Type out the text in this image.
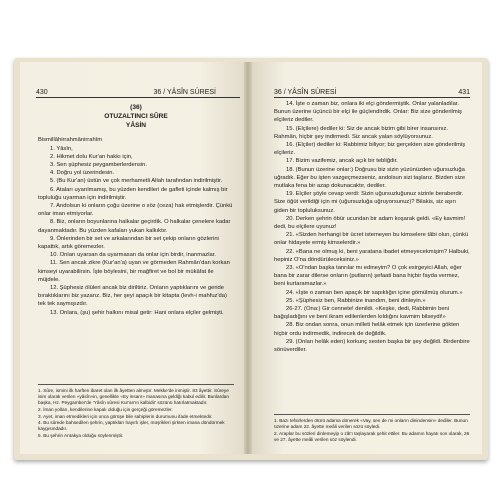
430	36 / YÂSÎN SÛRESİ
(36)
OTUZALTINCI SÛRE
YÂSİN

Bismillâhirrahmânirrahîm

1. Yâsîn,

2. Hikmet dolu Kur'an hakkı için,

3. Sen şüphesiz peygamberlerdensin.

4. Doğru yol üzerindesin.

5. (Bu Kur'an) üstün ve çok merhametli Allah tarafından indirilmiştir.

6. Ataları uyarılmamış, bu yüzden kendileri de gafleti içinde kalmış bir topluluğu uyarman için indirilmiştir.

7. Andolsun ki onların çoğu üzerine o söz (ceza) hak etmişlerdir. Çünkü onlar iman etmiyorlar.

8. Biz, onların boyunlarına halkalar geçirdik. O halkalar çenelere kadar dayanmaktadır. Bu yüzden kafaları yukarı kalkıktır.

9. Önlerinden bir set ve arkalarından bir set çekip onların gözlerini kapattık, artık göremezler.

10. Onları uyarsan da uyarmasan da onlar için birdir, inanmazlar.

11. Sen ancak zikre (Kur'an'a) uyan ve görmeden Rahmân'dan korkan kimseyi uyarabilirsin. İşte böylesini, bir mağfiret ve bol bir mükâfat ile müjdele.

12. Şüphesiz ölüleri ancak biz diriltiriz. Onların yaptıklarını ve geride bıraktıklarını biz yazarız. Biz, her şeyi apaçık bir kitapta (levh-i mahfuz'da) tek tek saymışızdır.

13. Onlara, (şu) şehir halkını misal getir: Hani onlara elçiler gelmişti.

1. Sûre, ismini ilk harften ibaret olan ilk âyetten almıştır. Mekke'de inmiştir. 83 âyettir. Sûreye isim olarak verilen «yâsîn»in, genellikle «Ey insan!» manasına geldiği kabul edilir. Bunlardan başka, Hz. Peygamber'de 'Yâsîn sûresi Kur'an'ın kalbidir' sözünü hatırlatmaktadır.

2. İman yolları, kendilerine kapalı olduğu için gerçeği göremezler.

3. Ayet, iman etmedikleri için onca görüşe bile sahiplerin durumunu ifade etmektedir.

4. Bu sûrede bahsedilen şehrin, yaptıkları hayırlı işler, müşrikleri şirkten imana döndürmek kaygısındadır.

5. Bu şehrin Antakya olduğu söylenmiştir.

36 / YÂSÎN SÛRESİ	431

14. İşte o zaman biz, onlara iki elçi göndermiştik. Onlar yalanladılar. Bunun üzerine üçüncü bir elçi ile güçlendirdik. Onlar: Biz size gönderilmiş elçileriz dediler.

15. (Elçilere) dediler ki: Siz de ancak bizim gibi birer insansınız. Rahmân, hiçbir şey indirmedi. Siz ancak yalan söylüyorsunuz.

16. (Elçiler) dediler ki: Rabbimiz biliyor; biz gerçekten size gönderilmiş elçileriz.

17. Bizim vazifemiz, ancak açık bir tebliğdir.

18. (Bunun üzerine onlar:) Doğrusu biz sizin yüzünüzden uğursuzluğa uğradık. Eğer bu işten vazgeçmezseniz, andolsun sizi taşlarız. Bizden size mutlaka fena bir azap dokunacaktır, dediler.

19. Elçiler şöyle cevap verdi: Sizin uğursuzluğunuz sizinle beraberdir. Size öğüt verildiği için mi (uğursuzluğa uğruyorsunuz)? Bilakis, siz aşırı giden bir topluluksunuz.

20. Derken şehrin öbür ucundan bir adam koşarak geldi. «Ey kavmim! dedi, bu elçilere uyunuz!

21. «Sizden herhangi bir ücret istemeyen bu kimselere tâbi olun, çünkü onlar hidayete ermiş kimselerdir.»

22. «Bana ne olmuş ki, beni yaratana ibadet etmeyecekmişim? Halbuki, hepiniz O'na döndürüleceksiniz.»

23. «O'ndan başka tanrılar mı edineyim? O çok esirgeyici Allah, eğer bana bir zarar dilerse onların (putların) şefaati bana hiçbir fayda vermez, beni kurtaramazlar.»

24. «İşte o zaman ben apaçık bir sapıklığın içine gömülmüş olurum.»

25. «Şüphesiz ben, Rabbinize inandım, beni dinleyin.»

26-27. (Ona:) Gir cennete! denildi. «Keşke, dedi, Rabbimin beni bağışladığını ve beni ikram edilenlerden kıldığını kavmim bilseydi!»

28. Biz ondan sonra, onun milleti helâk etmek için üzerlerine gökten hiçbir ordu indirmedik, indirecek de değildik.

29. (Onları helâk eden) korkunç sesten başka bir şey değildi. Birdenbire sönüverdiler.

1. Bazı tefsirlerden ötürü adama dönerek «Vay, sen de mi onların dinindensin» dediler. Bunun üzerine adam 22. âyette meâli verilen sözü söyledi.

2. Araplar bu sözleri dinlemeyip o zât'ı taşlayarak şehit ettiler. Bu adamın hayatı son olarak, 26 ve 27. âyette meâli verilen söz söylendi.
